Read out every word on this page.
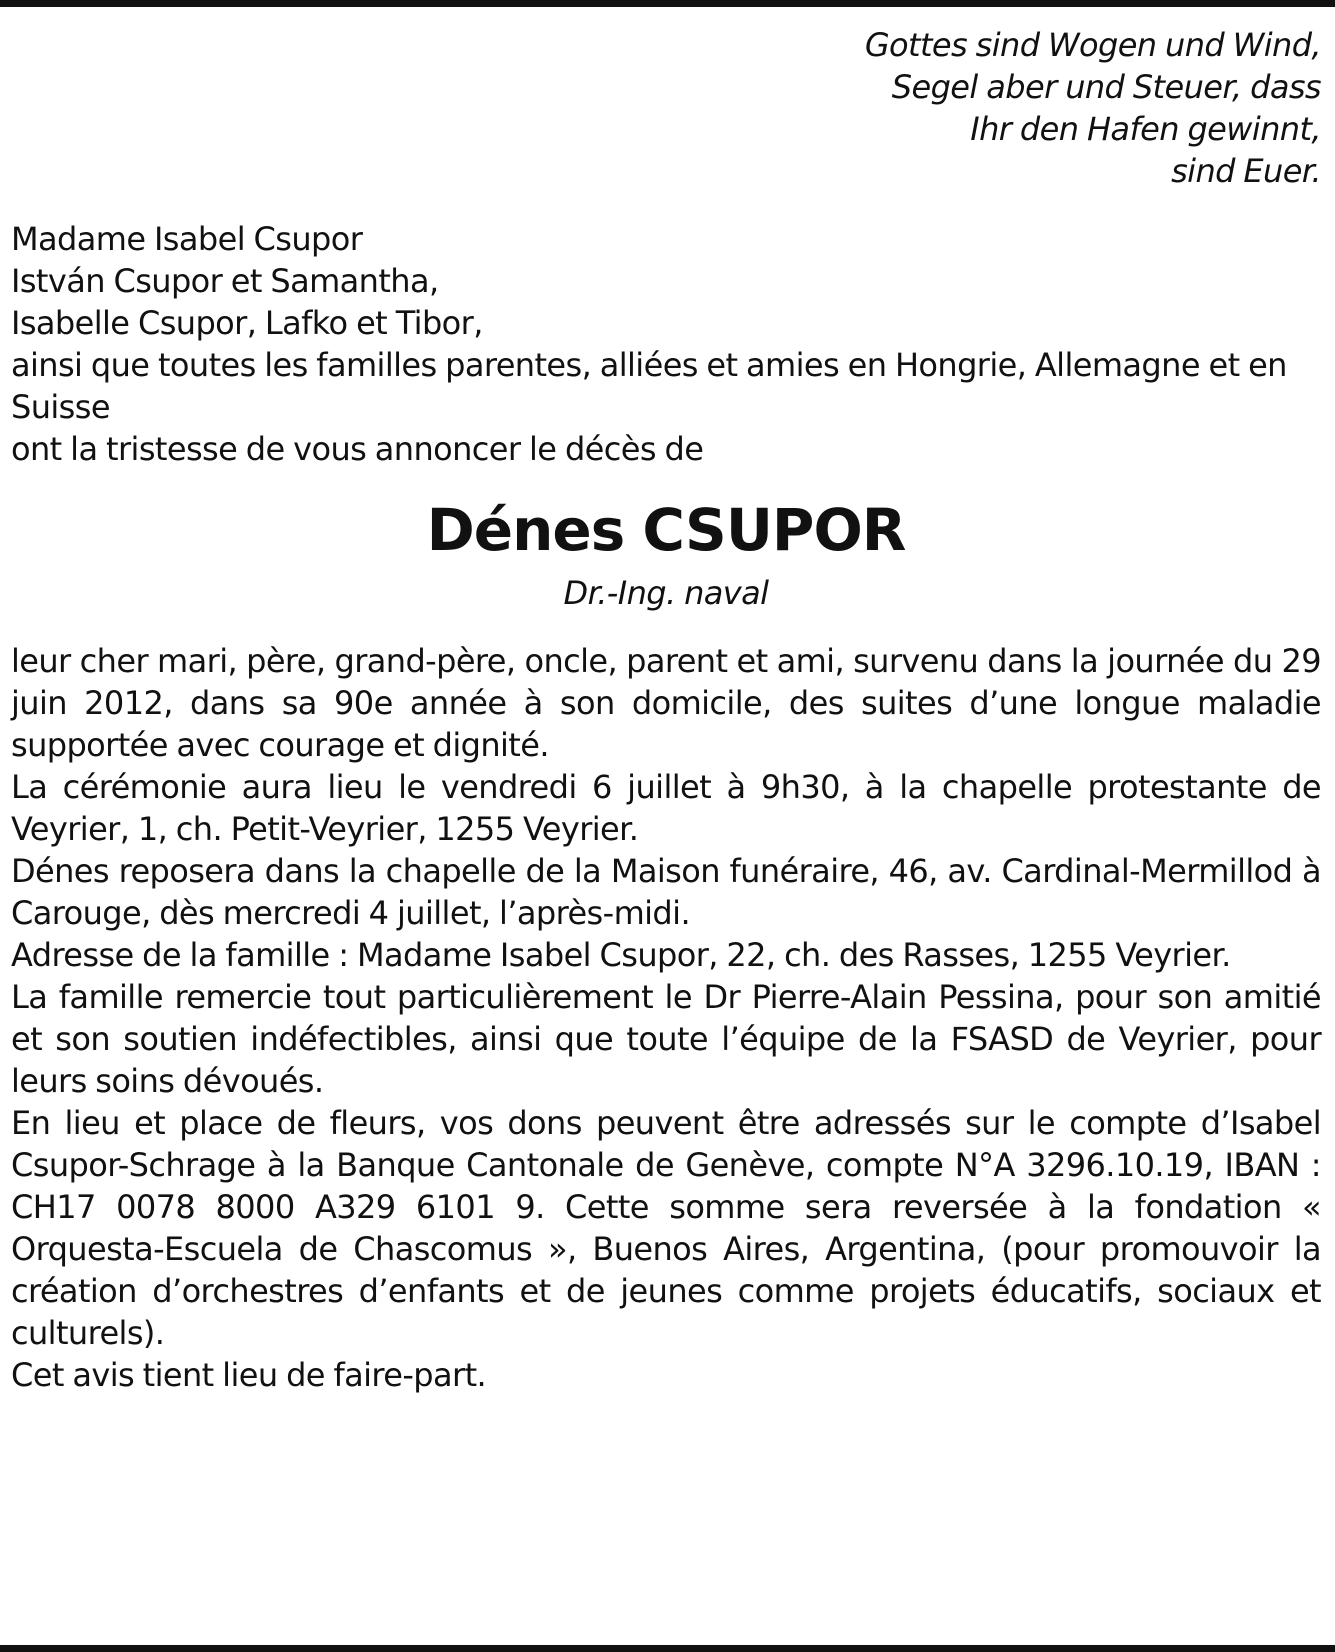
Gottes sind Wogen und Wind,

Segel aber und Steuer, dass

Ihr den Hafen gewinnt,

sind Euer.

Madame Isabel Csupor

István Csupor et Samantha,

Isabelle Csupor, Lafko et Tibor,

ainsi que toutes les familles parentes, alliées et amies en Hongrie, Allemagne et en Suisse

ont la tristesse de vous annoncer le décès de

Dénes CSUPOR
Dr.-Ing. naval

leur cher mari, père, grand-père, oncle, parent et ami, survenu dans la journée du 29 juin 2012, dans sa 90e année à son domicile, des suites d’une longue maladie supportée avec courage et dignité.

La cérémonie aura lieu le vendredi 6 juillet à 9h30, à la chapelle protestante de Veyrier, 1, ch. Petit-Veyrier, 1255 Veyrier.

Dénes reposera dans la chapelle de la Maison funéraire, 46, av. Cardinal-Mermillod à Carouge, dès mercredi 4 juillet, l’après-midi.

Adresse de la famille : Madame Isabel Csupor, 22, ch. des Rasses, 1255 Veyrier.

La famille remercie tout particulièrement le Dr Pierre-Alain Pessina, pour son amitié et son soutien indéfectibles, ainsi que toute l’équipe de la FSASD de Veyrier, pour leurs soins dévoués.

En lieu et place de fleurs, vos dons peuvent être adressés sur le compte d’Isabel Csupor-Schrage à la Banque Cantonale de Genève, compte N°A 3296.10.19, IBAN : CH17 0078 8000 A329 6101 9. Cette somme sera reversée à la fondation « Orquesta-Escuela de Chascomus », Buenos Aires, Argentina, (pour promouvoir la création d’orchestres d’enfants et de jeunes comme projets éducatifs, sociaux et culturels).

Cet avis tient lieu de faire-part.
